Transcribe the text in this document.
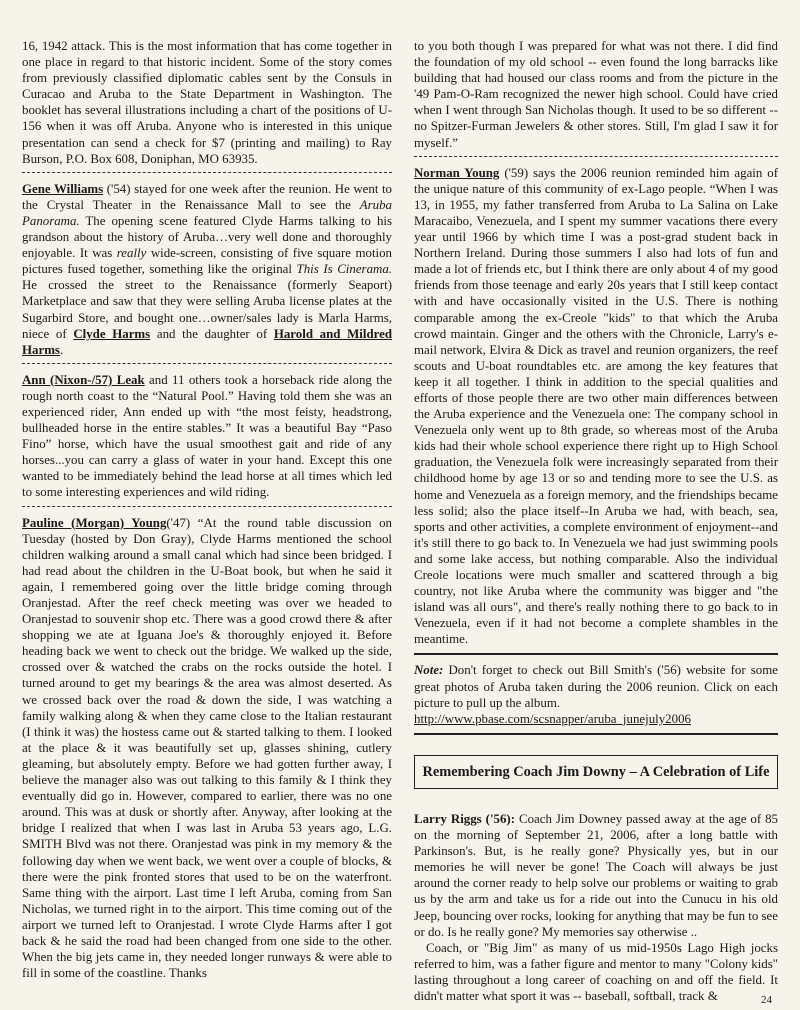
16, 1942 attack. This is the most information that has come together in one place in regard to that historic incident. Some of the story comes from previously classified diplomatic cables sent by the Consuls in Curacao and Aruba to the State Department in Washington. The booklet has several illustrations including a chart of the positions of U-156 when it was off Aruba. Anyone who is interested in this unique presentation can send a check for $7 (printing and mailing) to Ray Burson, P.O. Box 608, Doniphan, MO 63935.

Gene Williams ('54) stayed for one week after the reunion. He went to the Crystal Theater in the Renaissance Mall to see the Aruba Panorama. The opening scene featured Clyde Harms talking to his grandson about the history of Aruba…very well done and thoroughly enjoyable. It was really wide-screen, consisting of five square motion pictures fused together, something like the original This Is Cinerama. He crossed the street to the Renaissance (formerly Seaport) Marketplace and saw that they were selling Aruba license plates at the Sugarbird Store, and bought one…owner/sales lady is Marla Harms, niece of Clyde Harms and the daughter of Harold and Mildred Harms.

Ann (Nixon-/57) Leak and 11 others took a horseback ride along the rough north coast to the “Natural Pool.” Having told them she was an experienced rider, Ann ended up with “the most feisty, headstrong, bullheaded horse in the entire stables.” It was a beautiful Bay “Paso Fino” horse, which have the usual smoothest gait and ride of any horses...you can carry a glass of water in your hand. Except this one wanted to be immediately behind the lead horse at all times which led to some interesting experiences and wild riding.

Pauline (Morgan) Young('47) “At the round table discussion on Tuesday (hosted by Don Gray), Clyde Harms mentioned the school children walking around a small canal which had since been bridged. I had read about the children in the U-Boat book, but when he said it again, I remembered going over the little bridge coming through Oranjestad. After the reef check meeting was over we headed to Oranjestad to souvenir shop etc. There was a good crowd there & after shopping we ate at Iguana Joe's & thoroughly enjoyed it. Before heading back we went to check out the bridge. We walked up the side, crossed over & watched the crabs on the rocks outside the hotel. I turned around to get my bearings & the area was almost deserted. As we crossed back over the road & down the side, I was watching a family walking along & when they came close to the Italian restaurant (I think it was) the hostess came out & started talking to them. I looked at the place & it was beautifully set up, glasses shining, cutlery gleaming, but absolutely empty. Before we had gotten further away, I believe the manager also was out talking to this family & I think they eventually did go in. However, compared to earlier, there was no one around. This was at dusk or shortly after. Anyway, after looking at the bridge I realized that when I was last in Aruba 53 years ago, L.G. SMITH Blvd was not there. Oranjestad was pink in my memory & the following day when we went back, we went over a couple of blocks, & there were the pink fronted stores that used to be on the waterfront. Same thing with the airport. Last time I left Aruba, coming from San Nicholas, we turned right in to the airport. This time coming out of the airport we turned left to Oranjestad. I wrote Clyde Harms after I got back & he said the road had been changed from one side to the other. When the big jets came in, they needed longer runways & were able to fill in some of the coastline. Thanks

to you both though I was prepared for what was not there. I did find the foundation of my old school -- even found the long barracks like building that had housed our class rooms and from the picture in the '49 Pam-O-Ram recognized the newer high school. Could have cried when I went through San Nicholas though. It used to be so different -- no Spitzer-Furman Jewelers & other stores. Still, I'm glad I saw it for myself.”

Norman Young ('59) says the 2006 reunion reminded him again of the unique nature of this community of ex-Lago people. “When I was 13, in 1955, my father transferred from Aruba to La Salina on Lake Maracaibo, Venezuela, and I spent my summer vacations there every year until 1966 by which time I was a post-grad student back in Northern Ireland. During those summers I also had lots of fun and made a lot of friends etc, but I think there are only about 4 of my good friends from those teenage and early 20s years that I still keep contact with and have occasionally visited in the U.S. There is nothing comparable among the ex-Creole "kids" to that which the Aruba crowd maintain. Ginger and the others with the Chronicle, Larry's e-mail network, Elvira & Dick as travel and reunion organizers, the reef scouts and U-boat roundtables etc. are among the key features that keep it all together. I think in addition to the special qualities and efforts of those people there are two other main differences between the Aruba experience and the Venezuela one: The company school in Venezuela only went up to 8th grade, so whereas most of the Aruba kids had their whole school experience there right up to High School graduation, the Venezuela folk were increasingly separated from their childhood home by age 13 or so and tending more to see the U.S. as home and Venezuela as a foreign memory, and the friendships became less solid; also the place itself--In Aruba we had, with beach, sea, sports and other activities, a complete environment of enjoyment--and it's still there to go back to. In Venezuela we had just swimming pools and some lake access, but nothing comparable. Also the individual Creole locations were much smaller and scattered through a big country, not like Aruba where the community was bigger and "the island was all ours", and there's really nothing there to go back to in Venezuela, even if it had not become a complete shambles in the meantime.

Note: Don't forget to check out Bill Smith's ('56) website for some great photos of Aruba taken during the 2006 reunion. Click on each picture to pull up the album.
http://www.pbase.com/scsnapper/aruba_junejuly2006

Remembering Coach Jim Downy – A Celebration of Life

Larry Riggs ('56): Coach Jim Downey passed away at the age of 85 on the morning of September 21, 2006, after a long battle with Parkinson's. But, is he really gone? Physically yes, but in our memories he will never be gone! The Coach will always be just around the corner ready to help solve our problems or waiting to grab us by the arm and take us for a ride out into the Cunucu in his old Jeep, bouncing over rocks, looking for anything that may be fun to see or do. Is he really gone? My memories say otherwise ..

Coach, or "Big Jim" as many of us mid-1950s Lago High jocks referred to him, was a father figure and mentor to many "Colony kids" lasting throughout a long career of coaching on and off the field. It didn't matter what sport it was -- baseball, softball, track &	24
